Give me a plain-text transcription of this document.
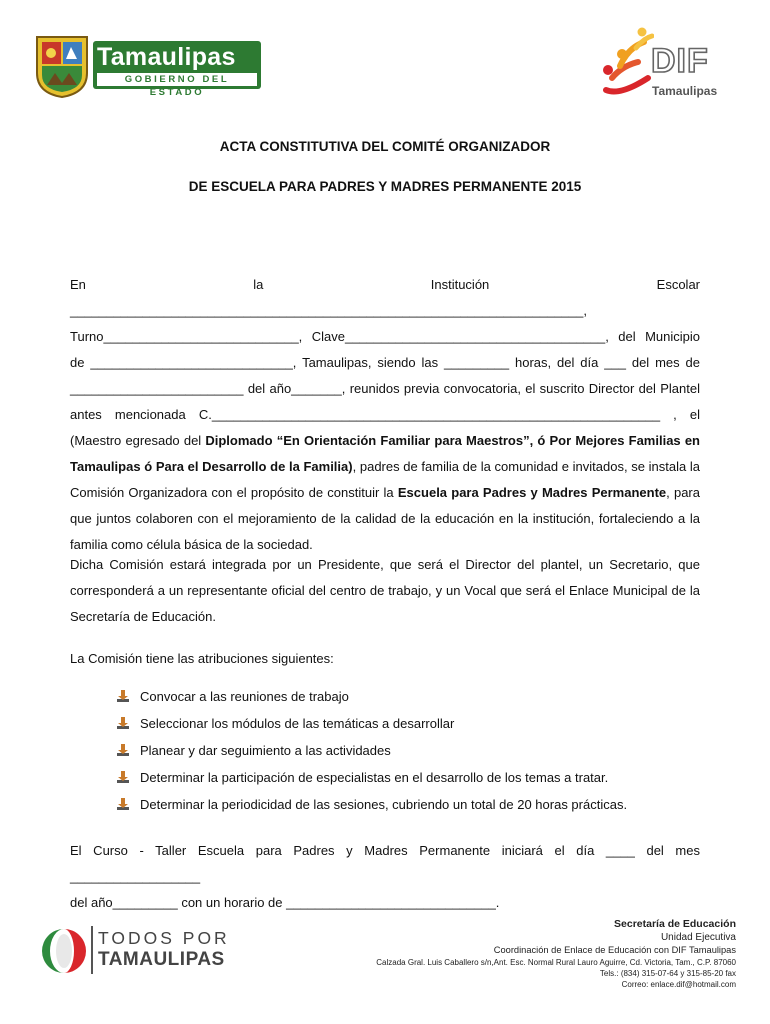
Tamaulipas
GOBIERNO DEL ESTADO
DIF
Tamaulipas
ACTA CONSTITUTIVA DEL COMITÉ ORGANIZADOR
DE ESCUELA PARA PADRES Y MADRES PERMANENTE 2015
En la Institución Escolar _______________________________________________________________________, Turno___________________________, Clave____________________________________, del Municipio de ____________________________, Tamaulipas, siendo las _________ horas, del día ___ del mes de ________________________ del año_______, reunidos previa convocatoria, el suscrito Director del Plantel antes mencionada C.______________________________________________________________ , el (Maestro egresado del Diplomado “En Orientación Familiar para Maestros”, ó Por Mejores Familias en Tamaulipas ó Para el Desarrollo de la Familia), padres de familia de la comunidad e invitados, se instala la Comisión Organizadora con el propósito de constituir la Escuela para Padres y Madres Permanente, para que juntos colaboren con el mejoramiento de la calidad de la educación en la institución, fortaleciendo a la familia como célula básica de la sociedad.
Dicha Comisión estará integrada por un Presidente, que será el Director del plantel, un Secretario, que corresponderá a un representante oficial del centro de trabajo, y un Vocal que será el Enlace Municipal de la Secretaría de Educación.
La Comisión tiene las atribuciones siguientes:
Convocar a las reuniones de trabajo
Seleccionar los módulos de las temáticas a desarrollar
Planear y dar seguimiento a las actividades
Determinar la participación de especialistas en el desarrollo de los temas a tratar.
Determinar la periodicidad de las sesiones, cubriendo un total de 20 horas prácticas.
El Curso - Taller Escuela para Padres y Madres Permanente iniciará el día ____ del mes __________________
del año_________ con un horario de _____________________________.
TODOS POR
TAMAULIPAS
Secretaría de Educación
Unidad Ejecutiva
Coordinación de Enlace de Educación con DIF Tamaulipas
Calzada Gral. Luis Caballero s/n,Ant. Esc. Normal Rural Lauro Aguirre, Cd. Victoria, Tam., C.P. 87060
Tels.: (834) 315-07-64 y 315-85-20 fax
Correo: enlace.dif@hotmail.com
